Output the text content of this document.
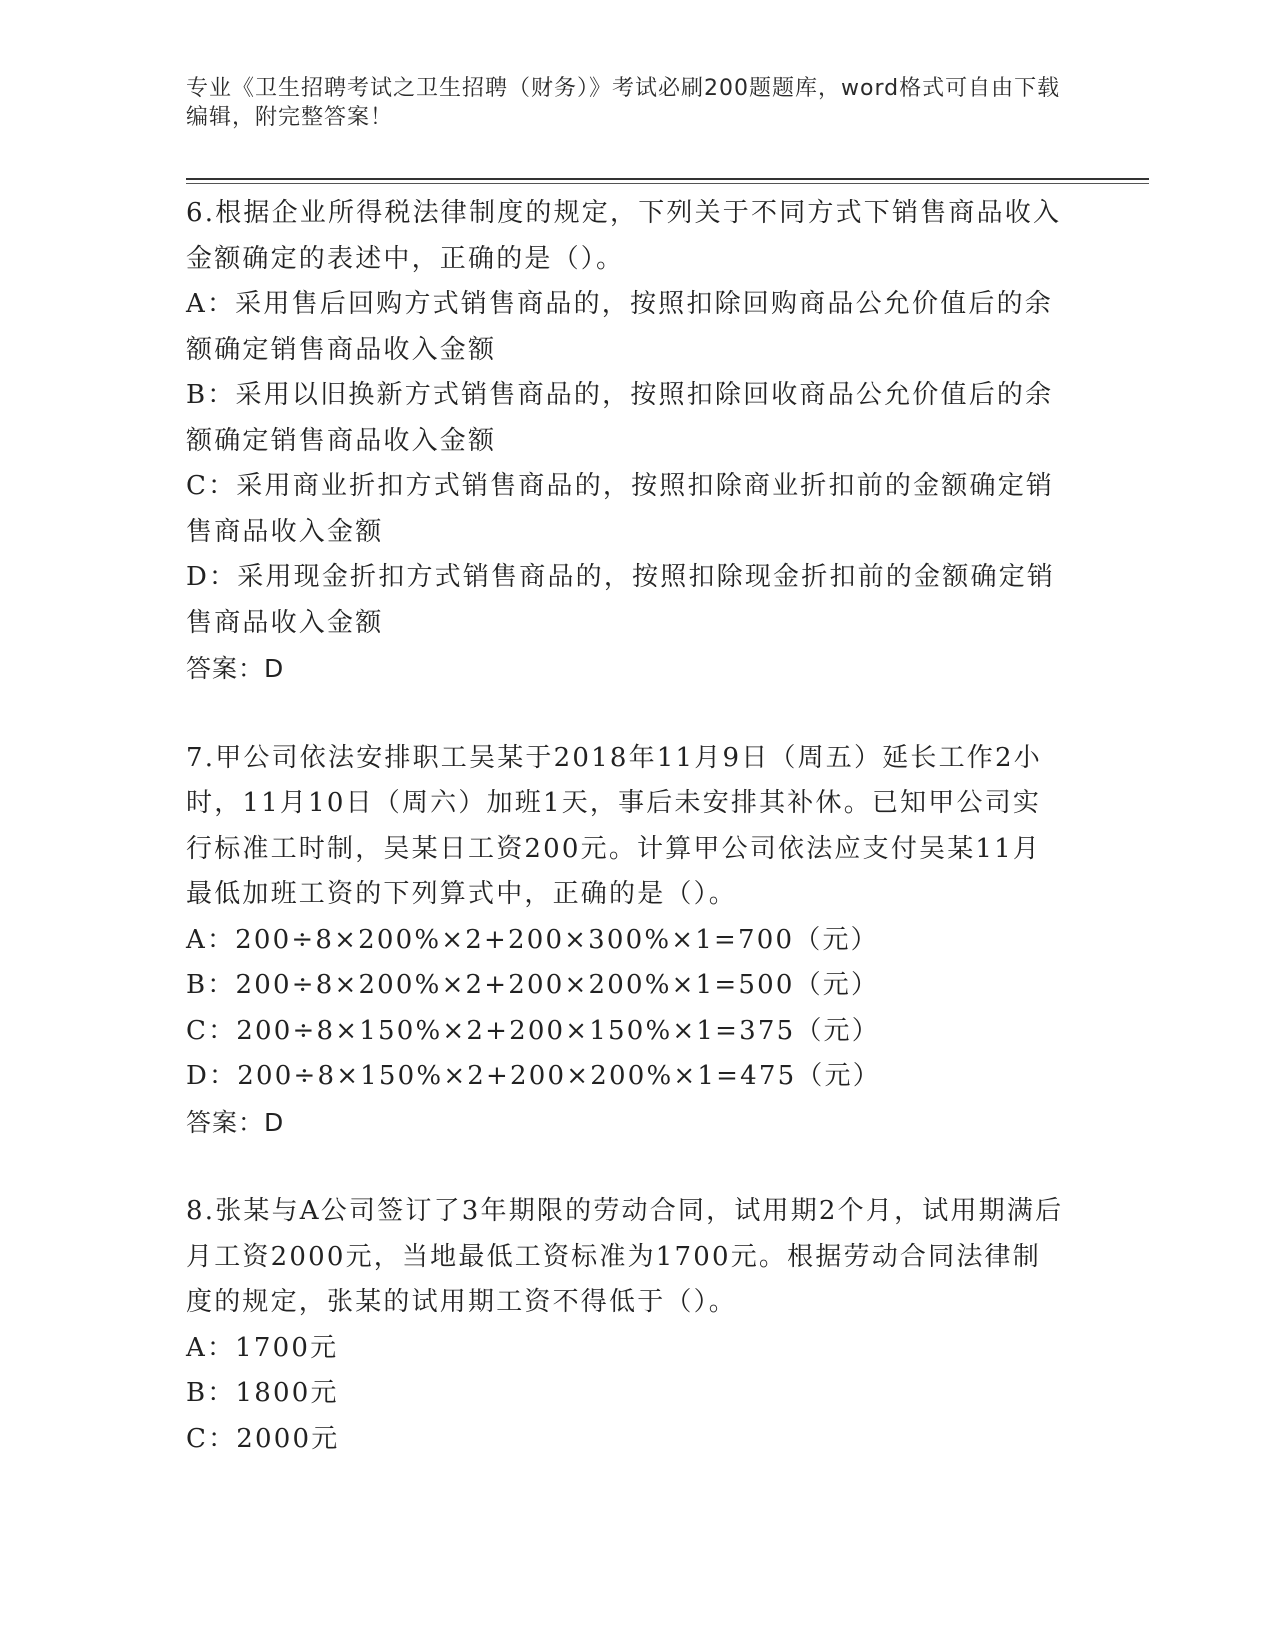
专业《卫生招聘考试之卫生招聘（财务）》考试必刷200题题库，word格式可自由下载编辑，附完整答案！

6.根据企业所得税法律制度的规定，下列关于不同方式下销售商品收入金额确定的表述中，正确的是（）。

A：采用售后回购方式销售商品的，按照扣除回购商品公允价值后的余额确定销售商品收入金额

B：采用以旧换新方式销售商品的，按照扣除回收商品公允价值后的余额确定销售商品收入金额

C：采用商业折扣方式销售商品的，按照扣除商业折扣前的金额确定销售商品收入金额

D：采用现金折扣方式销售商品的，按照扣除现金折扣前的金额确定销售商品收入金额

答案：D

7.甲公司依法安排职工吴某于2018年11月9日（周五）延长工作2小时，11月10日（周六）加班1天，事后未安排其补休。已知甲公司实行标准工时制，吴某日工资200元。计算甲公司依法应支付吴某11月最低加班工资的下列算式中，正确的是（）。

A：200÷8×200%×2+200×300%×1=700（元）

B：200÷8×200%×2+200×200%×1=500（元）

C：200÷8×150%×2+200×150%×1=375（元）

D：200÷8×150%×2+200×200%×1=475（元）

答案：D

8.张某与A公司签订了3年期限的劳动合同，试用期2个月，试用期满后月工资2000元，当地最低工资标准为1700元。根据劳动合同法律制度的规定，张某的试用期工资不得低于（）。

A：1700元

B：1800元

C：2000元
